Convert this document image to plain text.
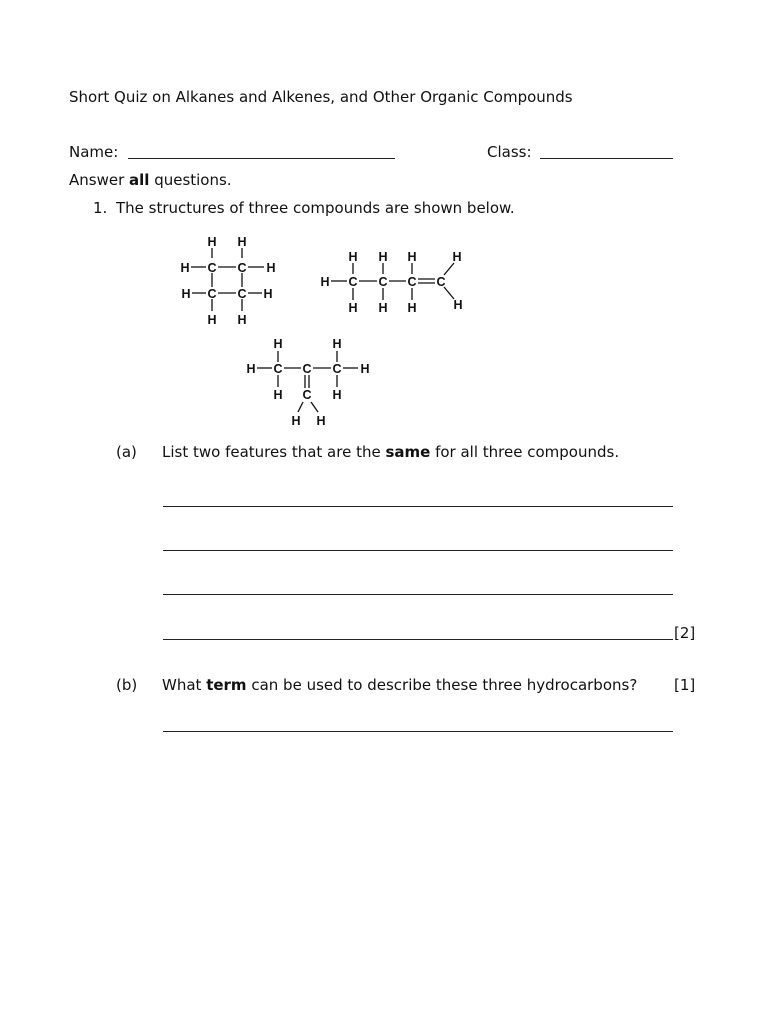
Short Quiz on Alkanes and Alkenes, and Other Organic Compounds
Name:	Class:
Answer all questions.
1. The structures of three compounds are shown below.
H H
H C C H
H C C H
H H
H H H	H
H C C C C
H H H	H
H	H
H C C C H
H C H
H H
(a) List two features that are the same for all three compounds.
[2]
(b) What term can be used to describe these three hydrocarbons? [1]
